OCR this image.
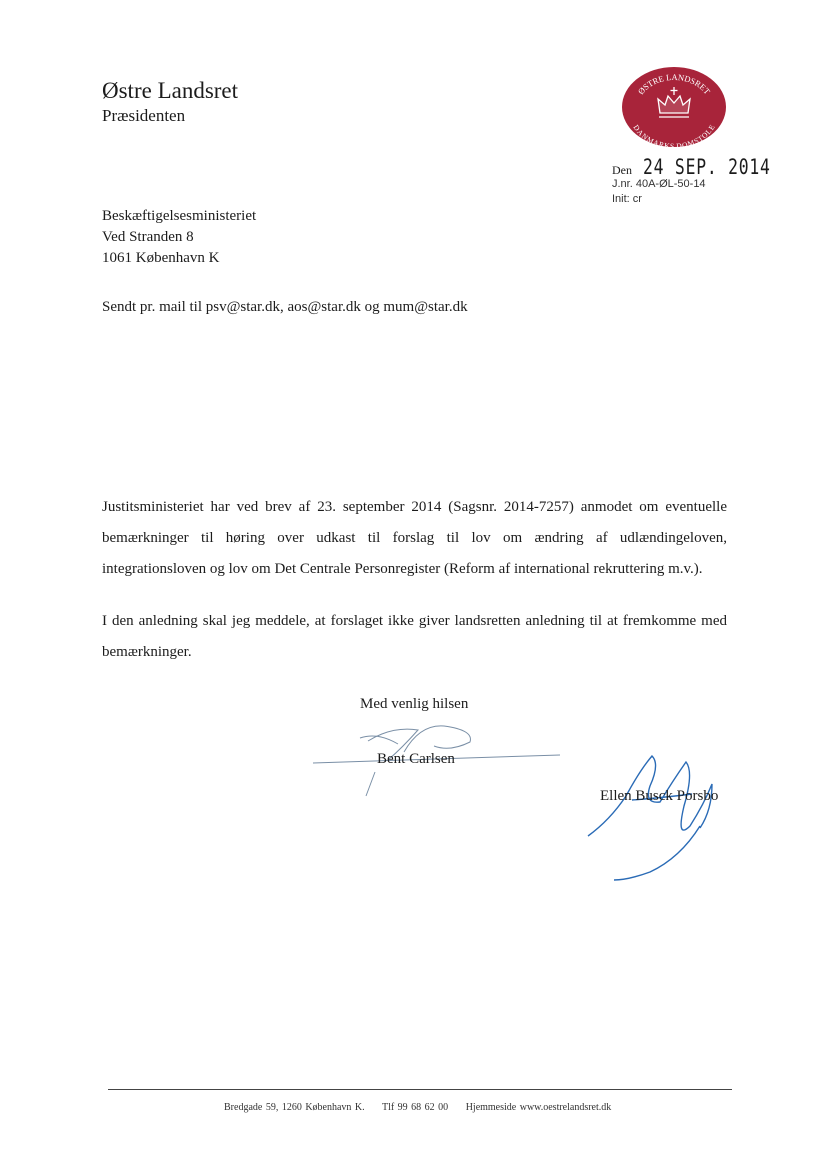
Østre Landsret
Præsidenten
ØSTRE LANDSRET
DANMARKS DOMSTOLE
Den 24 SEP. 2014
J.nr. 40A-ØL-50-14
Init: cr
Beskæftigelsesministeriet
Ved Stranden 8
1061 København K
Sendt pr. mail til psv@star.dk, aos@star.dk og mum@star.dk

Justitsministeriet har ved brev af 23. september 2014 (Sagsnr. 2014-7257) anmodet om eventuelle bemærkninger til høring over udkast til forslag til lov om ændring af udlændingeloven, integrationsloven og lov om Det Centrale Personregister (Reform af international rekruttering m.v.).

I den anledning skal jeg meddele, at forslaget ikke giver landsretten anledning til at fremkomme med bemærkninger.

Med venlig hilsen
Bent Carlsen
Ellen Busck Porsbo
Bredgade 59, 1260 København K. Tlf 99 68 62 00 Hjemmeside www.oestrelandsret.dk
